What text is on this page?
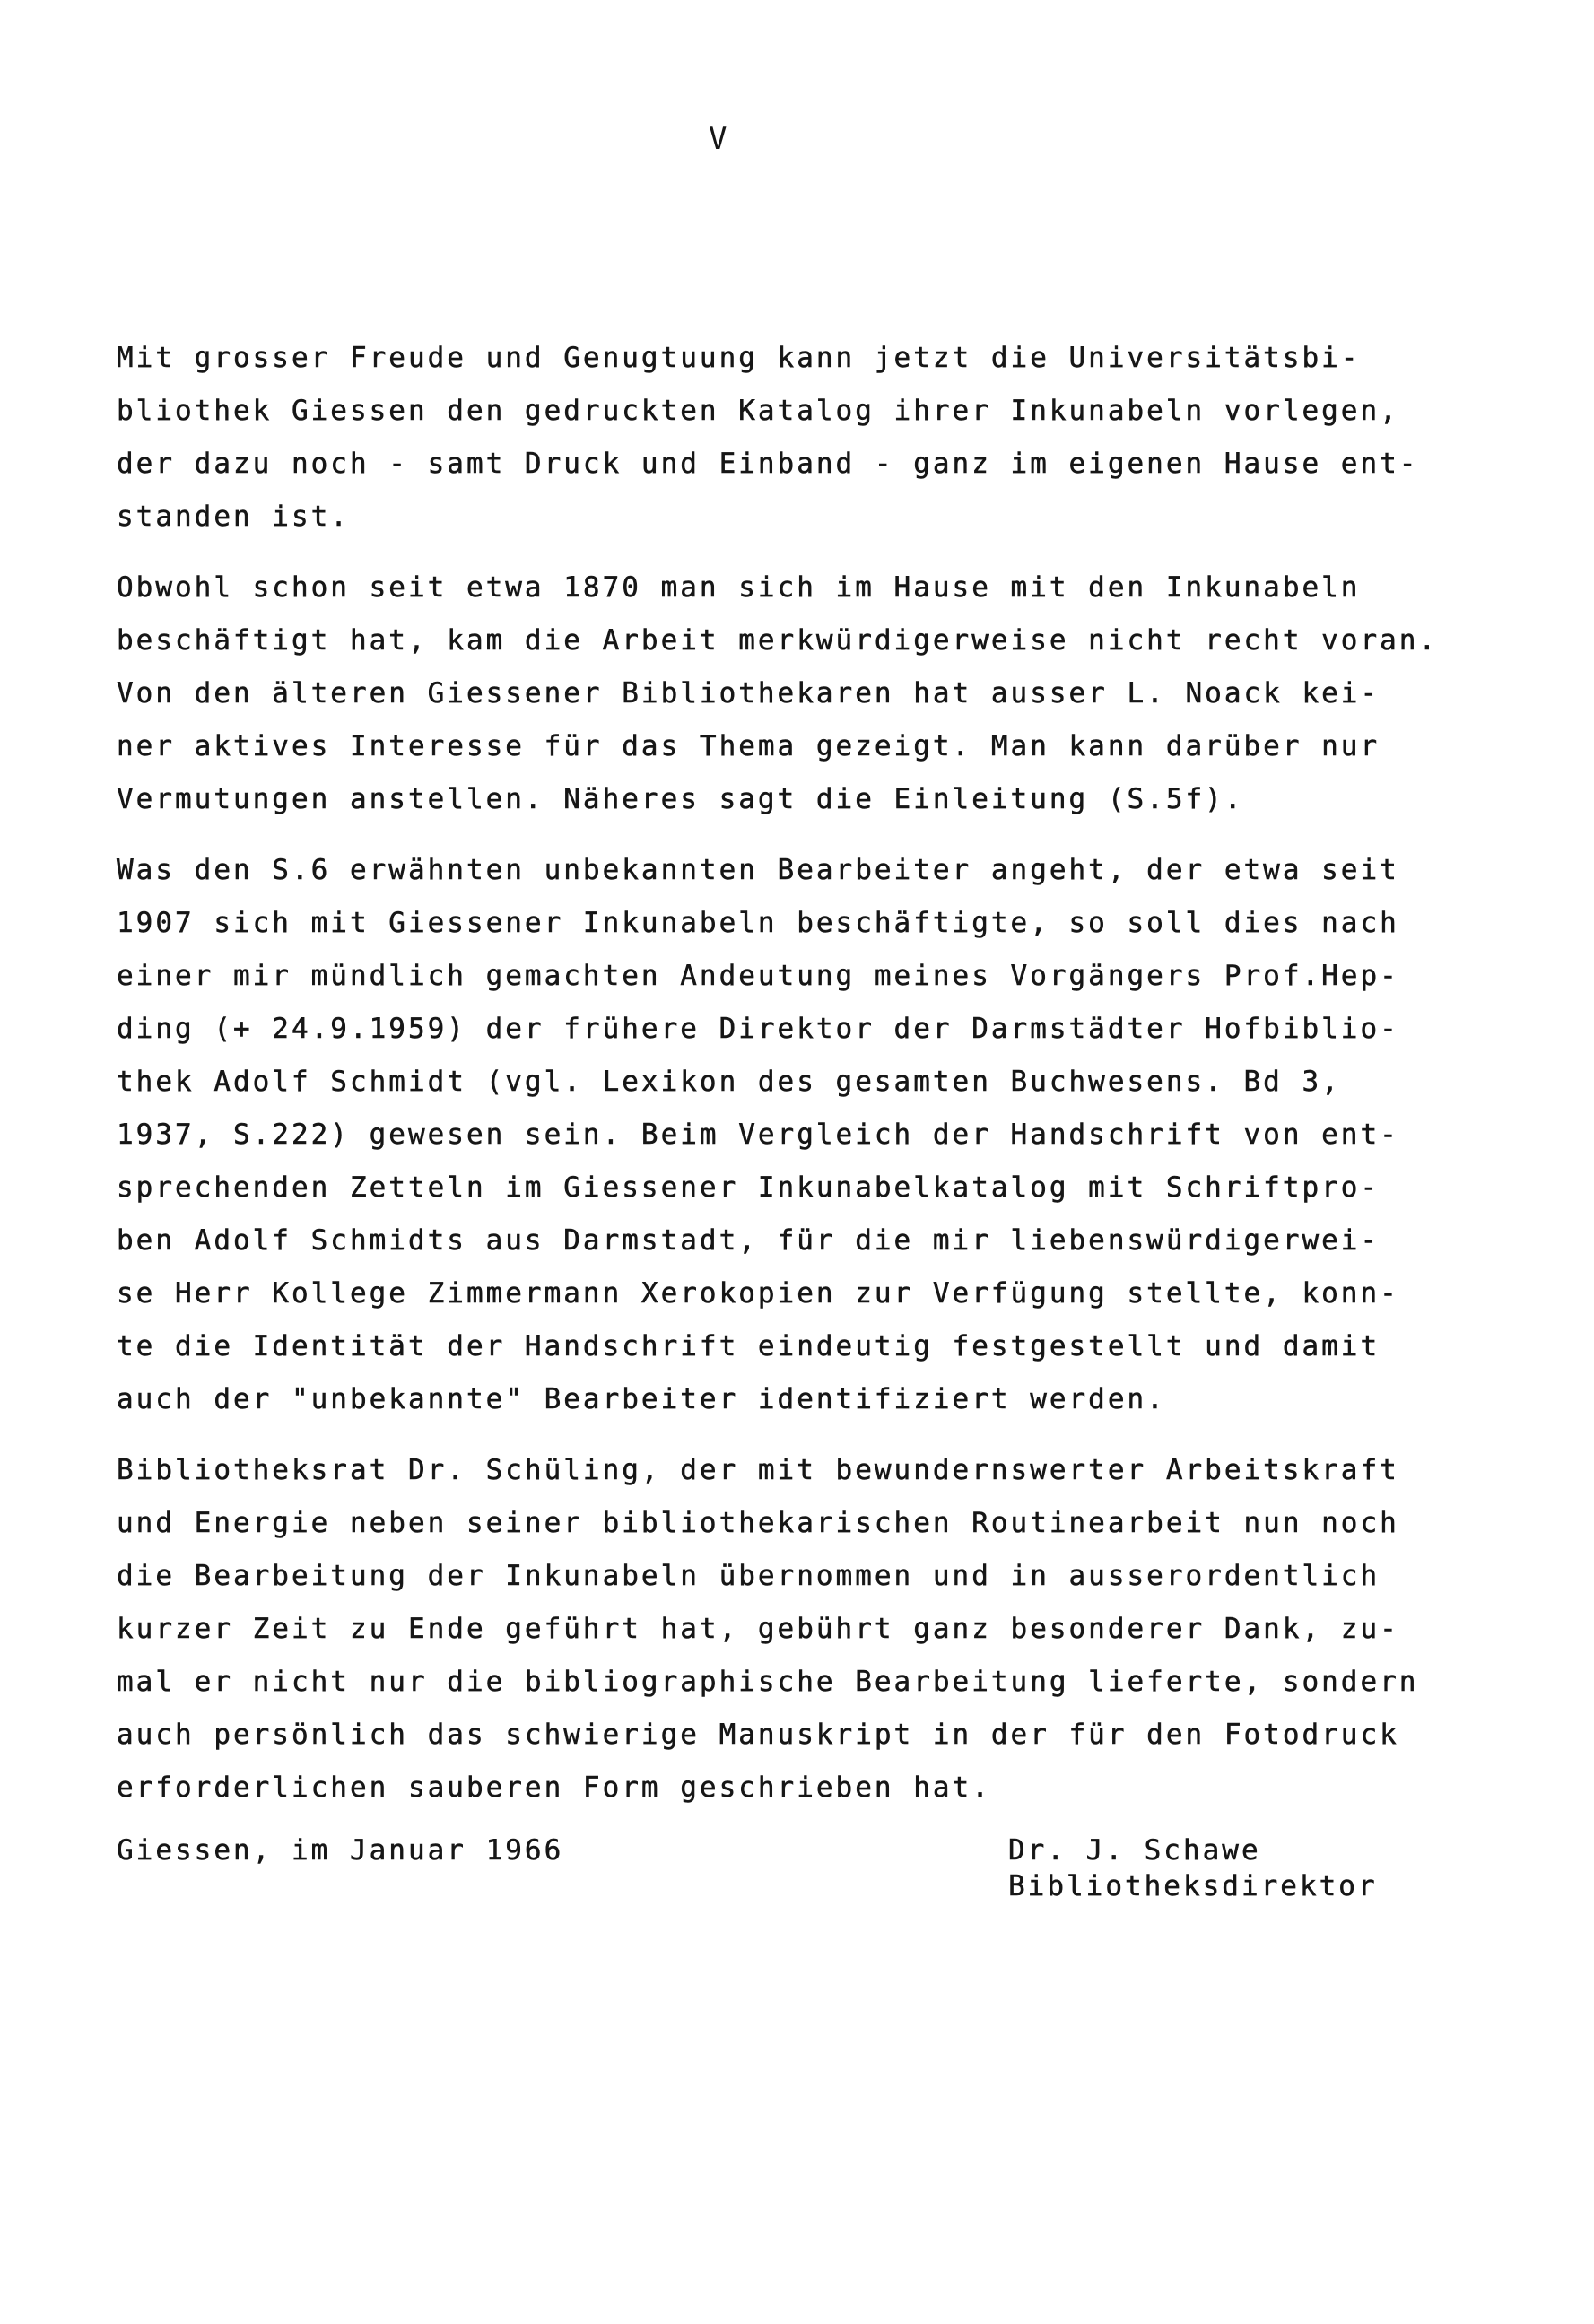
V
Mit grosser Freude und Genugtuung kann jetzt die Universitätsbi-
bliothek Giessen den gedruckten Katalog ihrer Inkunabeln vorlegen,
der dazu noch - samt Druck und Einband - ganz im eigenen Hause ent-
standen ist.
Obwohl schon seit etwa 1870 man sich im Hause mit den Inkunabeln
beschäftigt hat, kam die Arbeit merkwürdigerweise nicht recht voran.
Von den älteren Giessener Bibliothekaren hat ausser L. Noack kei-
ner aktives Interesse für das Thema gezeigt. Man kann darüber nur
Vermutungen anstellen. Näheres sagt die Einleitung (S.5f).
Was den S.6 erwähnten unbekannten Bearbeiter angeht, der etwa seit
1907 sich mit Giessener Inkunabeln beschäftigte, so soll dies nach
einer mir mündlich gemachten Andeutung meines Vorgängers Prof.Hep-
ding (+ 24.9.1959) der frühere Direktor der Darmstädter Hofbiblio-
thek Adolf Schmidt (vgl. Lexikon des gesamten Buchwesens. Bd 3,
1937, S.222) gewesen sein. Beim Vergleich der Handschrift von ent-
sprechenden Zetteln im Giessener Inkunabelkatalog mit Schriftpro-
ben Adolf Schmidts aus Darmstadt, für die mir liebenswürdigerwei-
se Herr Kollege Zimmermann Xerokopien zur Verfügung stellte, konn-
te die Identität der Handschrift eindeutig festgestellt und damit
auch der "unbekannte" Bearbeiter identifiziert werden.
Bibliotheksrat Dr. Schüling, der mit bewundernswerter Arbeitskraft
und Energie neben seiner bibliothekarischen Routinearbeit nun noch
die Bearbeitung der Inkunabeln übernommen und in ausserordentlich
kurzer Zeit zu Ende geführt hat, gebührt ganz besonderer Dank, zu-
mal er nicht nur die bibliographische Bearbeitung lieferte, sondern
auch persönlich das schwierige Manuskript in der für den Fotodruck
erforderlichen sauberen Form geschrieben hat.
Giessen, im Januar 1966	Dr. J. Schawe
Bibliotheksdirektor
